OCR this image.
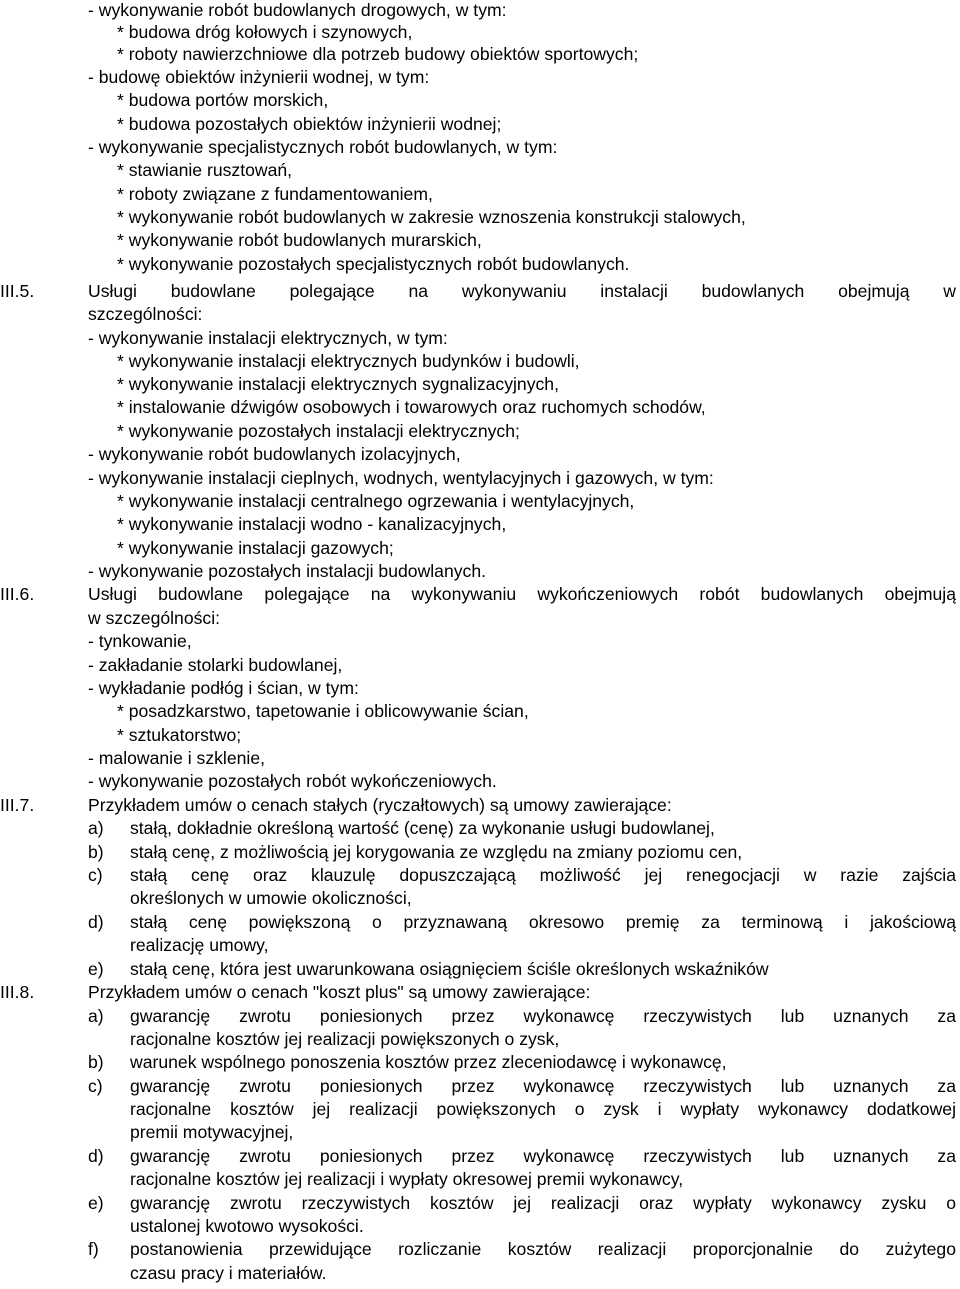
- wykonywanie robót budowlanych drogowych, w tym:
* budowa dróg kołowych i szynowych,
* roboty nawierzchniowe dla potrzeb budowy obiektów sportowych;
- budowę obiektów inżynierii wodnej, w tym:
* budowa portów morskich,
* budowa pozostałych obiektów inżynierii wodnej;
- wykonywanie specjalistycznych robót budowlanych, w tym:
* stawianie rusztowań,
* roboty związane z fundamentowaniem,
* wykonywanie robót budowlanych w zakresie wznoszenia konstrukcji stalowych,
* wykonywanie robót budowlanych murarskich,
* wykonywanie pozostałych specjalistycznych robót budowlanych.
III.5.	Usługi budowlane polegające na wykonywaniu instalacji budowlanych obejmują w
szczególności:
- wykonywanie instalacji elektrycznych, w tym:
* wykonywanie instalacji elektrycznych budynków i budowli,
* wykonywanie instalacji elektrycznych sygnalizacyjnych,
* instalowanie dźwigów osobowych i towarowych oraz ruchomych schodów,
* wykonywanie pozostałych instalacji elektrycznych;
- wykonywanie robót budowlanych izolacyjnych,
- wykonywanie instalacji cieplnych, wodnych, wentylacyjnych i gazowych, w tym:
* wykonywanie instalacji centralnego ogrzewania i wentylacyjnych,
* wykonywanie instalacji wodno - kanalizacyjnych,
* wykonywanie instalacji gazowych;
- wykonywanie pozostałych instalacji budowlanych.
III.6.	Usługi budowlane polegające na wykonywaniu wykończeniowych robót budowlanych obejmują
w szczególności:
- tynkowanie,
- zakładanie stolarki budowlanej,
- wykładanie podłóg i ścian, w tym:
* posadzkarstwo, tapetowanie i oblicowywanie ścian,
* sztukatorstwo;
- malowanie i szklenie,
- wykonywanie pozostałych robót wykończeniowych.
III.7.	Przykładem umów o cenach stałych (ryczałtowych) są umowy zawierające:
a) stałą, dokładnie określoną wartość (cenę) za wykonanie usługi budowlanej,
b) stałą cenę, z możliwością jej korygowania ze względu na zmiany poziomu cen,
c) stałą cenę oraz klauzulę dopuszczającą możliwość jej renegocjacji w razie zajścia
określonych w umowie okoliczności,
d) stałą cenę powiększoną o przyznawaną okresowo premię za terminową i jakościową
realizację umowy,
e) stałą cenę, która jest uwarunkowana osiągnięciem ściśle określonych wskaźników
III.8.	Przykładem umów o cenach "koszt plus" są umowy zawierające:
a) gwarancję zwrotu poniesionych przez wykonawcę rzeczywistych lub uznanych za
racjonalne kosztów jej realizacji powiększonych o zysk,
b) warunek wspólnego ponoszenia kosztów przez zleceniodawcę i wykonawcę,
c) gwarancję zwrotu poniesionych przez wykonawcę rzeczywistych lub uznanych za
racjonalne kosztów jej realizacji powiększonych o zysk i wypłaty wykonawcy dodatkowej
premii motywacyjnej,
d) gwarancję zwrotu poniesionych przez wykonawcę rzeczywistych lub uznanych za
racjonalne kosztów jej realizacji i wypłaty okresowej premii wykonawcy,
e) gwarancję zwrotu rzeczywistych kosztów jej realizacji oraz wypłaty wykonawcy zysku o
ustalonej kwotowo wysokości.
f) postanowienia przewidujące rozliczanie kosztów realizacji proporcjonalnie do zużytego
czasu pracy i materiałów.
